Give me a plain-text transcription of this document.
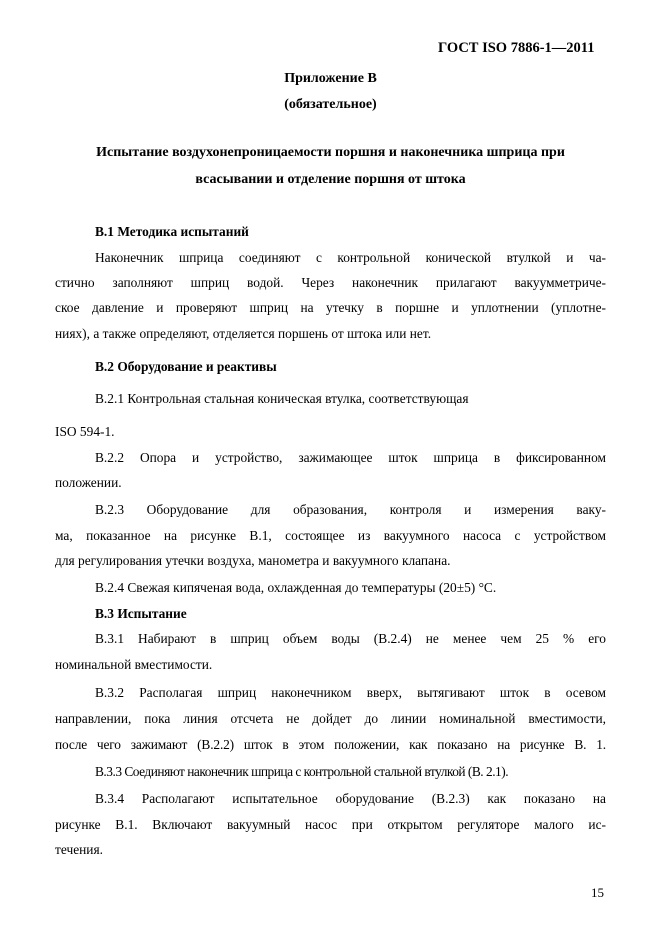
ГОСТ ISO 7886-1—2011
Приложение В
(обязательное)
Испытание воздухонепроницаемости поршня и наконечника шприца при
всасывании и отделение поршня от штока
В.1 Методика испытаний
Наконечник шприца соединяют с контрольной конической втулкой и ча-
стично заполняют шприц водой. Через наконечник прилагают вакуумметриче-
ское давление и проверяют шприц на утечку в поршне и уплотнении (уплотне-
ниях), а также определяют, отделяется поршень от штока или нет.
В.2 Оборудование и реактивы
В.2.1 Контрольная стальная коническая втулка, соответствующая
ISO 594-1.
В.2.2 Опора и устройство, зажимающее шток шприца в фиксированном
положении.
В.2.3 Оборудование для образования, контроля и измерения ваку-
ма, показанное на рисунке В.1, состоящее из вакуумного насоса с устройством
для регулирования утечки воздуха, манометра и вакуумного клапана.
В.2.4 Свежая кипяченая вода, охлажденная до температуры (20±5) °С.
В.3 Испытание
В.3.1 Набирают в шприц объем воды (В.2.4) не менее чем 25 % его
номинальной вместимости.
В.3.2 Располагая шприц наконечником вверх, вытягивают шток в осевом
направлении, пока линия отсчета не дойдет до линии номинальной вместимости,
после чего зажимают (В.2.2) шток в этом положении, как показано на рисунке В. 1.
В.3.3 Соединяют наконечник шприца с контрольной стальной втулкой (В. 2.1).
В.3.4 Располагают испытательное оборудование (В.2.3) как показано на
рисунке В.1. Включают вакуумный насос при открытом регуляторе малого ис-
течения.
15
